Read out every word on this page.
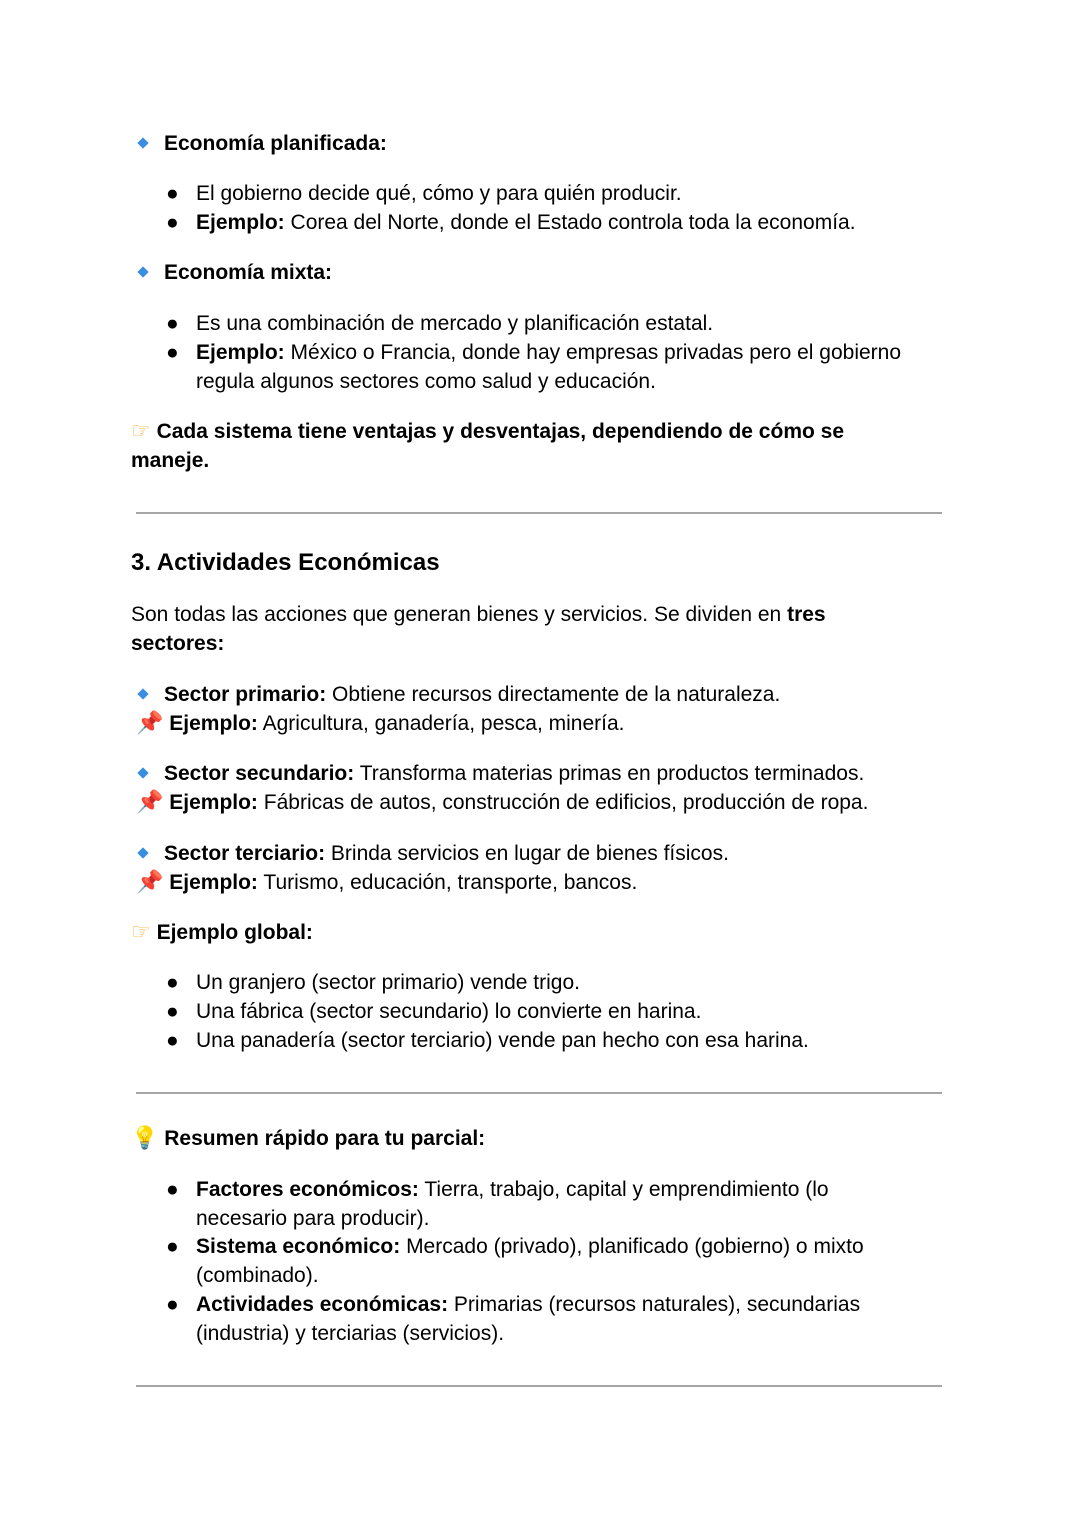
Economía planificada:

● El gobierno decide qué, cómo y para quién producir.

● Ejemplo: Corea del Norte, donde el Estado controla toda la economía.

Economía mixta:

● Es una combinación de mercado y planificación estatal.

● Ejemplo: México o Francia, donde hay empresas privadas pero el gobierno

regula algunos sectores como salud y educación.

☞ Cada sistema tiene ventajas y desventajas, dependiendo de cómo se

maneje.

3. Actividades Económicas

Son todas las acciones que generan bienes y servicios. Se dividen en tres

sectores:

Sector primario: Obtiene recursos directamente de la naturaleza.

📌 Ejemplo: Agricultura, ganadería, pesca, minería.

Sector secundario: Transforma materias primas en productos terminados.

📌 Ejemplo: Fábricas de autos, construcción de edificios, producción de ropa.

Sector terciario: Brinda servicios en lugar de bienes físicos.

📌 Ejemplo: Turismo, educación, transporte, bancos.

☞ Ejemplo global:

● Un granjero (sector primario) vende trigo.

● Una fábrica (sector secundario) lo convierte en harina.

● Una panadería (sector terciario) vende pan hecho con esa harina.

💡 Resumen rápido para tu parcial:

● Factores económicos: Tierra, trabajo, capital y emprendimiento (lo

necesario para producir).

● Sistema económico: Mercado (privado), planificado (gobierno) o mixto

(combinado).

● Actividades económicas: Primarias (recursos naturales), secundarias

(industria) y terciarias (servicios).
